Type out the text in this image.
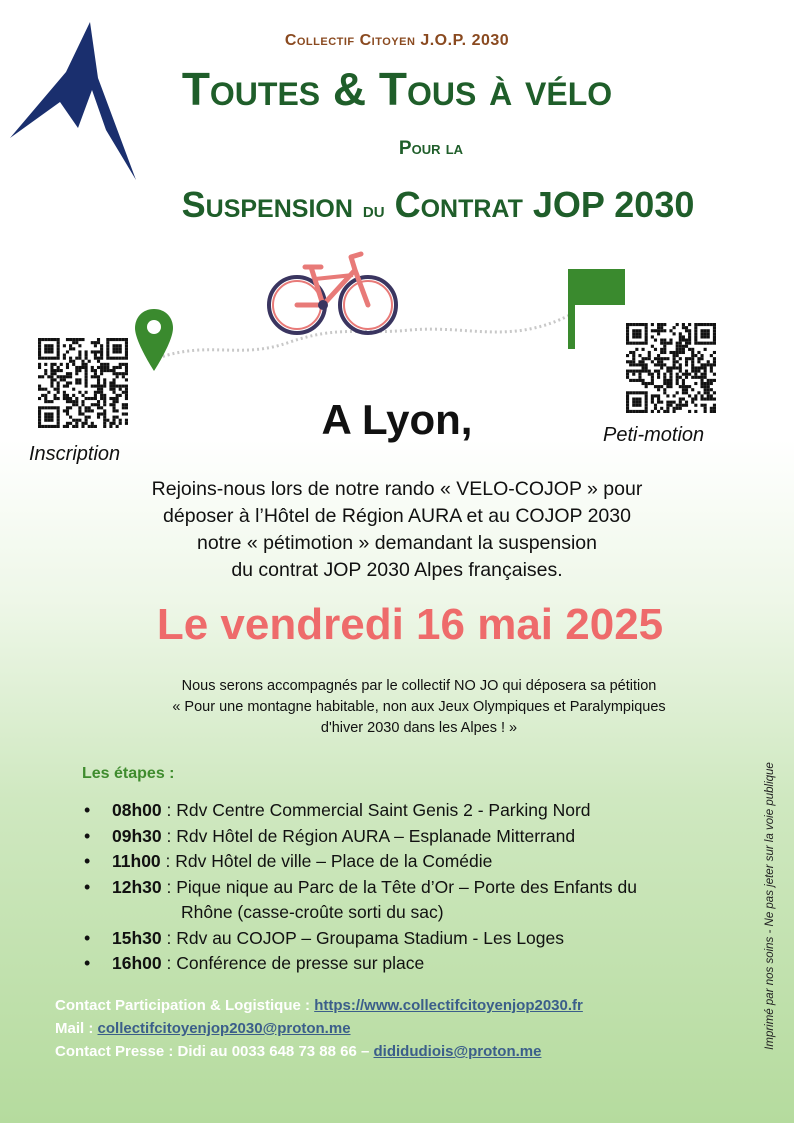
Collectif Citoyen J.O.P. 2030
Toutes & Tous à vélo
Pour la
Suspension du Contrat JOP 2030
Inscription
Peti-motion
A Lyon,
Rejoins-nous lors de notre rando « VELO-COJOP » pour
déposer à l’Hôtel de Région AURA et au COJOP 2030
notre « pétimotion » demandant la suspension
du contrat JOP 2030 Alpes françaises.
Le vendredi 16 mai 2025
Nous serons accompagnés par le collectif NO JO qui déposera sa pétition
« Pour une montagne habitable, non aux Jeux Olympiques et Paralympiques
d'hiver 2030 dans les Alpes ! »
Les étapes :
• 08h00 : Rdv Centre Commercial Saint Genis 2 - Parking Nord
• 09h30 : Rdv Hôtel de Région AURA – Esplanade Mitterrand
• 11h00 : Rdv Hôtel de ville – Place de la Comédie
• 12h30 : Pique nique au Parc de la Tête d’Or – Porte des Enfants du
Rhône (casse-croûte sorti du sac)
• 15h30 : Rdv au COJOP – Groupama Stadium - Les Loges
• 16h00 : Conférence de presse sur place
Contact Participation & Logistique : https://www.collectifcitoyenjop2030.fr
Mail : collectifcitoyenjop2030@proton.me
Contact Presse : Didi au 0033 648 73 88 66 – dididudiois@proton.me
Imprimé par nos soins - Ne pas jeter sur la voie publique
